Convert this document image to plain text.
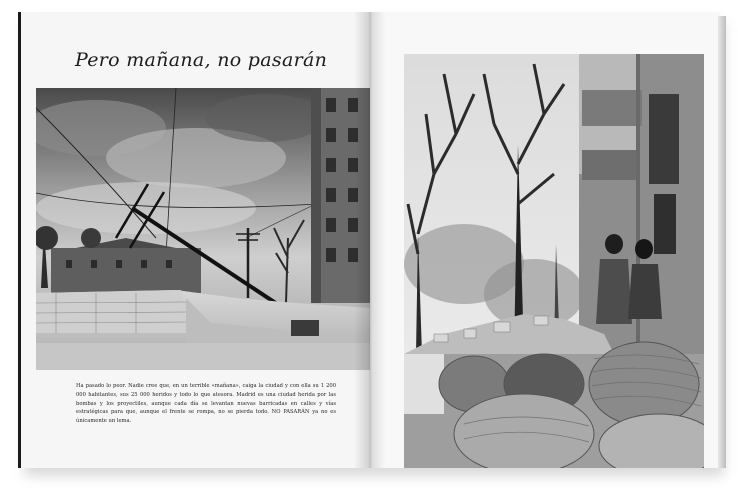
Pero mañana, no pasarán
Ha pasado lo peor. Nadie cree que, en un terrible «mañana», caiga la ciudad y con ella su 1 200 000 habitantes, sus 25 000 heridos y todo lo que atesora. Madrid es una ciudad herida por las bombas y los proyectiles, aunque cada día se levantan nuevas barricadas en calles y vías estratégicas para que, aunque el frente se rompa, no se pierda todo. NO PASARÁN ya no es únicamente un lema.
